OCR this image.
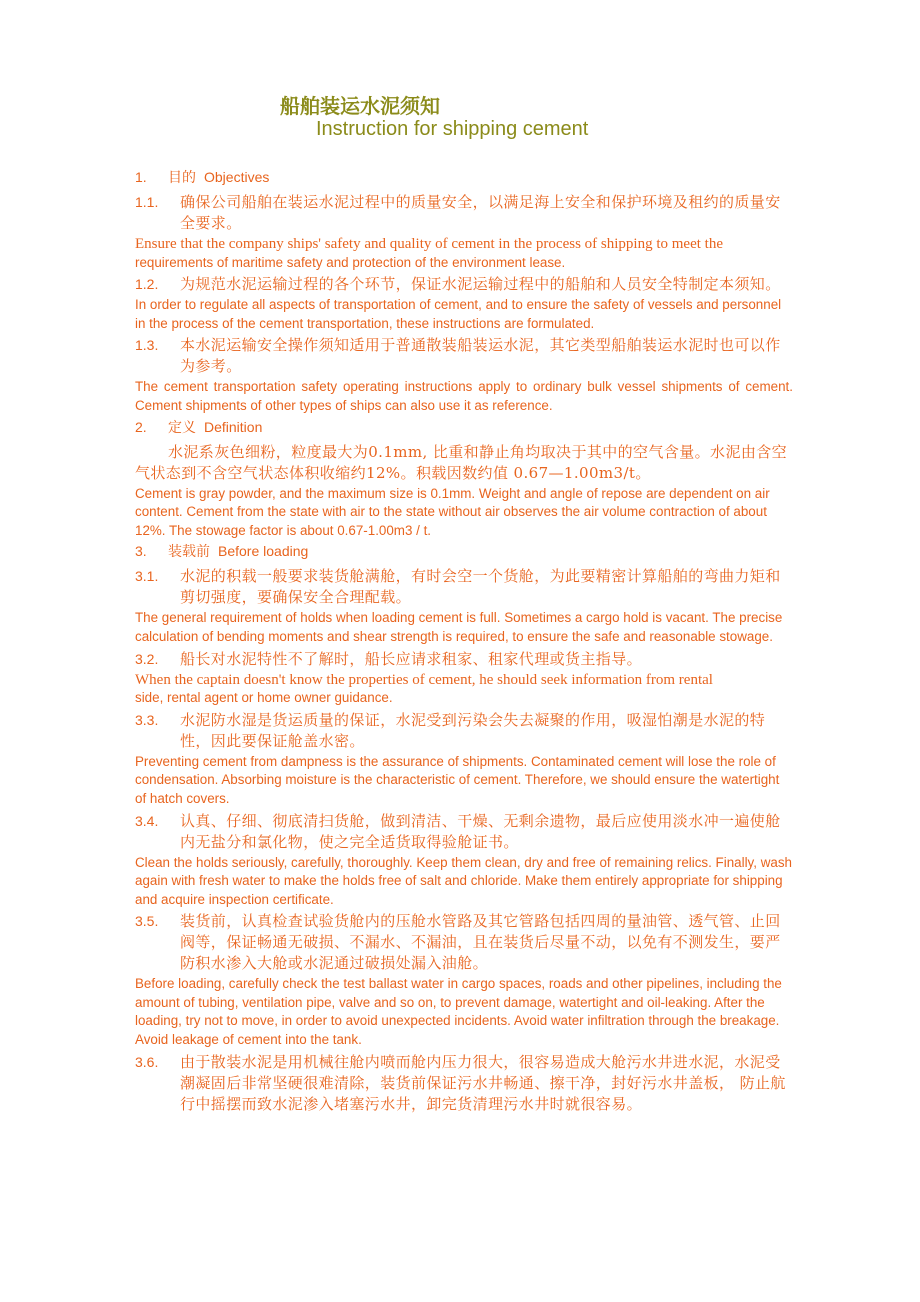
船舶装运水泥须知
Instruction for shipping cement
1. 目的 Objectives
1.1. 确保公司船舶在装运水泥过程中的质量安全，以满足海上安全和保护环境及租约的质量安全要求。
Ensure that the company ships' safety and quality of cement in the process of shipping to meet the
requirements of maritime safety and protection of the environment lease.
1.2. 为规范水泥运输过程的各个环节，保证水泥运输过程中的船舶和人员安全特制定本须知。
In order to regulate all aspects of transportation of cement, and to ensure the safety of vessels and personnel in the process of the cement transportation, these instructions are formulated.
1.3. 本水泥运输安全操作须知适用于普通散装船装运水泥，其它类型船舶装运水泥时也可以作为参考。
The cement transportation safety operating instructions apply to ordinary bulk vessel shipments of cement. Cement shipments of other types of ships can also use it as reference.
2. 定义 Definition
水泥系灰色细粉，粒度最大为0.1mm, 比重和静止角均取决于其中的空气含量。水泥由含空气状态到不含空气状态体积收缩约12%。积载因数约值 0.67—1.00m3/t。
Cement is gray powder, and the maximum size is 0.1mm. Weight and angle of repose are dependent on air content. Cement from the state with air to the state without air observes the air volume contraction of about 12%. The stowage factor is about 0.67-1.00m3 / t.
3. 装载前 Before loading
3.1. 水泥的积载一般要求装货舱满舱，有时会空一个货舱，为此要精密计算船舶的弯曲力矩和剪切强度，要确保安全合理配载。
The general requirement of holds when loading cement is full. Sometimes a cargo hold is vacant. The precise calculation of bending moments and shear strength is required, to ensure the safe and reasonable stowage.
3.2. 船长对水泥特性不了解时，船长应请求租家、租家代理或货主指导。
When the captain doesn't know the properties of cement, he should seek information from rental
side, rental agent or home owner guidance.
3.3. 水泥防水湿是货运质量的保证，水泥受到污染会失去凝聚的作用，吸湿怕潮是水泥的特性，因此要保证舱盖水密。
Preventing cement from dampness is the assurance of shipments. Contaminated cement will lose the role of condensation. Absorbing moisture is the characteristic of cement. Therefore, we should ensure the watertight of hatch covers.
3.4. 认真、仔细、彻底清扫货舱，做到清洁、干燥、无剩余遗物，最后应使用淡水冲一遍使舱内无盐分和氯化物，使之完全适货取得验舱证书。
Clean the holds seriously, carefully, thoroughly. Keep them clean, dry and free of remaining relics. Finally, wash again with fresh water to make the holds free of salt and chloride. Make them entirely appropriate for shipping and acquire inspection certificate.
3.5. 装货前，认真检查试验货舱内的压舱水管路及其它管路包括四周的量油管、透气管、止回阀等，保证畅通无破损、不漏水、不漏油，且在装货后尽量不动，以免有不测发生，要严防积水渗入大舱或水泥通过破损处漏入油舱。
Before loading, carefully check the test ballast water in cargo spaces, roads and other pipelines, including the amount of tubing, ventilation pipe, valve and so on, to prevent damage, watertight and oil-leaking. After the loading, try not to move, in order to avoid unexpected incidents. Avoid water infiltration through the breakage. Avoid leakage of cement into the tank.
3.6. 由于散装水泥是用机械往舱内喷而舱内压力很大，很容易造成大舱污水井进水泥，水泥受潮凝固后非常坚硬很难清除，装货前保证污水井畅通、擦干净，封好污水井盖板， 防止航行中摇摆而致水泥渗入堵塞污水井，卸完货清理污水井时就很容易。
